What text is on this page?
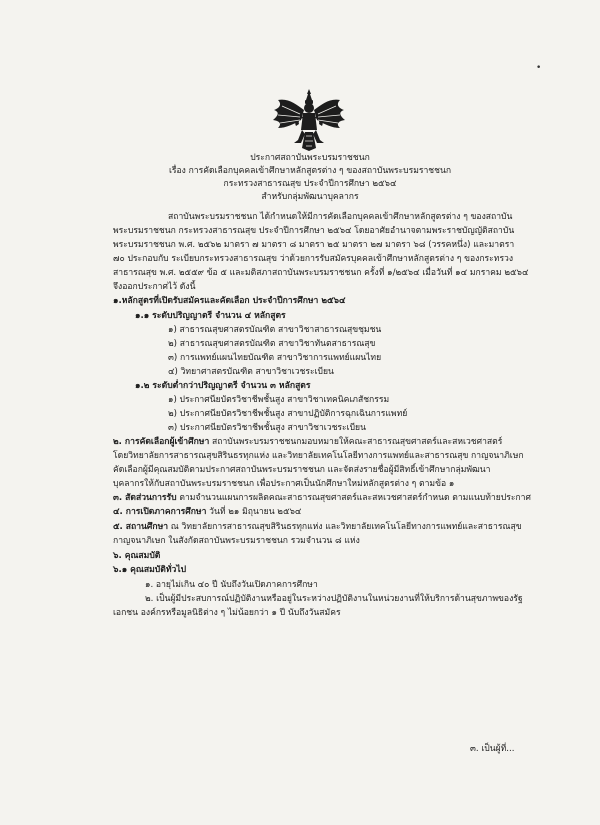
•
ประกาศสถาบันพระบรมราชชนก
เรื่อง การคัดเลือกบุคคลเข้าศึกษาหลักสูตรต่าง ๆ ของสถาบันพระบรมราชชนก
กระทรวงสาธารณสุข ประจำปีการศึกษา ๒๕๖๔
สำหรับกลุ่มพัฒนาบุคลากร
สถาบันพระบรมราชชนก ได้กำหนดให้มีการคัดเลือกบุคคลเข้าศึกษาหลักสูตรต่าง ๆ ของสถาบัน
พระบรมราชชนก กระทรวงสาธารณสุข ประจำปีการศึกษา ๒๕๖๔ โดยอาศัยอำนาจตามพระราชบัญญัติสถาบัน
พระบรมราชชนก พ.ศ. ๒๕๖๒ มาตรา ๗ มาตรา ๘ มาตรา ๒๕ มาตรา ๒๗ มาตรา ๖๘ (วรรคหนึ่ง) และมาตรา
๗๐ ประกอบกับ ระเบียบกระทรวงสาธารณสุข ว่าด้วยการรับสมัครบุคคลเข้าศึกษาหลักสูตรต่าง ๆ ของกระทรวง
สาธารณสุข พ.ศ. ๒๕๕๙ ข้อ ๕ และมติสภาสถาบันพระบรมราชชนก ครั้งที่ ๑/๒๕๖๔ เมื่อวันที่ ๑๔ มกราคม ๒๕๖๔
จึงออกประกาศไว้ ดังนี้
๑.หลักสูตรที่เปิดรับสมัครและคัดเลือก ประจำปีการศึกษา ๒๕๖๔
๑.๑ ระดับปริญญาตรี จำนวน ๔ หลักสูตร
๑) สาธารณสุขศาสตรบัณฑิต สาขาวิชาสาธารณสุขชุมชน
๒) สาธารณสุขศาสตรบัณฑิต สาขาวิชาทันตสาธารณสุข
๓) การแพทย์แผนไทยบัณฑิต สาขาวิชาการแพทย์แผนไทย
๔) วิทยาศาสตรบัณฑิต สาขาวิชาเวชระเบียน
๑.๒ ระดับต่ำกว่าปริญญาตรี จำนวน ๓ หลักสูตร
๑) ประกาศนียบัตรวิชาชีพชั้นสูง สาขาวิชาเทคนิคเภสัชกรรม
๒) ประกาศนียบัตรวิชาชีพชั้นสูง สาขาปฏิบัติการฉุกเฉินการแพทย์
๓) ประกาศนียบัตรวิชาชีพชั้นสูง สาขาวิชาเวชระเบียน
๒. การคัดเลือกผู้เข้าศึกษา สถาบันพระบรมราชชนกมอบหมายให้คณะสาธารณสุขศาสตร์และสหเวชศาสตร์
โดยวิทยาลัยการสาธารณสุขสิรินธรทุกแห่ง และวิทยาลัยเทคโนโลยีทางการแพทย์และสาธารณสุข กาญจนาภิเษก
คัดเลือกผู้มีคุณสมบัติตามประกาศสถาบันพระบรมราชชนก และจัดส่งรายชื่อผู้มีสิทธิ์เข้าศึกษากลุ่มพัฒนา
บุคลากรให้กับสถาบันพระบรมราชชนก เพื่อประกาศเป็นนักศึกษาใหม่หลักสูตรต่าง ๆ ตามข้อ ๑
๓. สัดส่วนการรับ ตามจำนวนแผนการผลิตคณะสาธารณสุขศาสตร์และสหเวชศาสตร์กำหนด ตามแนบท้ายประกาศ
๔. การเปิดภาคการศึกษา วันที่ ๒๑ มิถุนายน ๒๕๖๔
๕. สถานศึกษา ณ วิทยาลัยการสาธารณสุขสิรินธรทุกแห่ง และวิทยาลัยเทคโนโลยีทางการแพทย์และสาธารณสุข
กาญจนาภิเษก ในสังกัดสถาบันพระบรมราชชนก รวมจำนวน ๘ แห่ง
๖. คุณสมบัติ
๖.๑ คุณสมบัติทั่วไป
๑. อายุไม่เกิน ๔๐ ปี นับถึงวันเปิดภาคการศึกษา
๒. เป็นผู้มีประสบการณ์ปฏิบัติงานหรืออยู่ในระหว่างปฏิบัติงานในหน่วยงานที่ให้บริการด้านสุขภาพของรัฐ
เอกชน องค์กรหรือมูลนิธิต่าง ๆ ไม่น้อยกว่า ๑ ปี นับถึงวันสมัคร
๓. เป็นผู้ที่...
